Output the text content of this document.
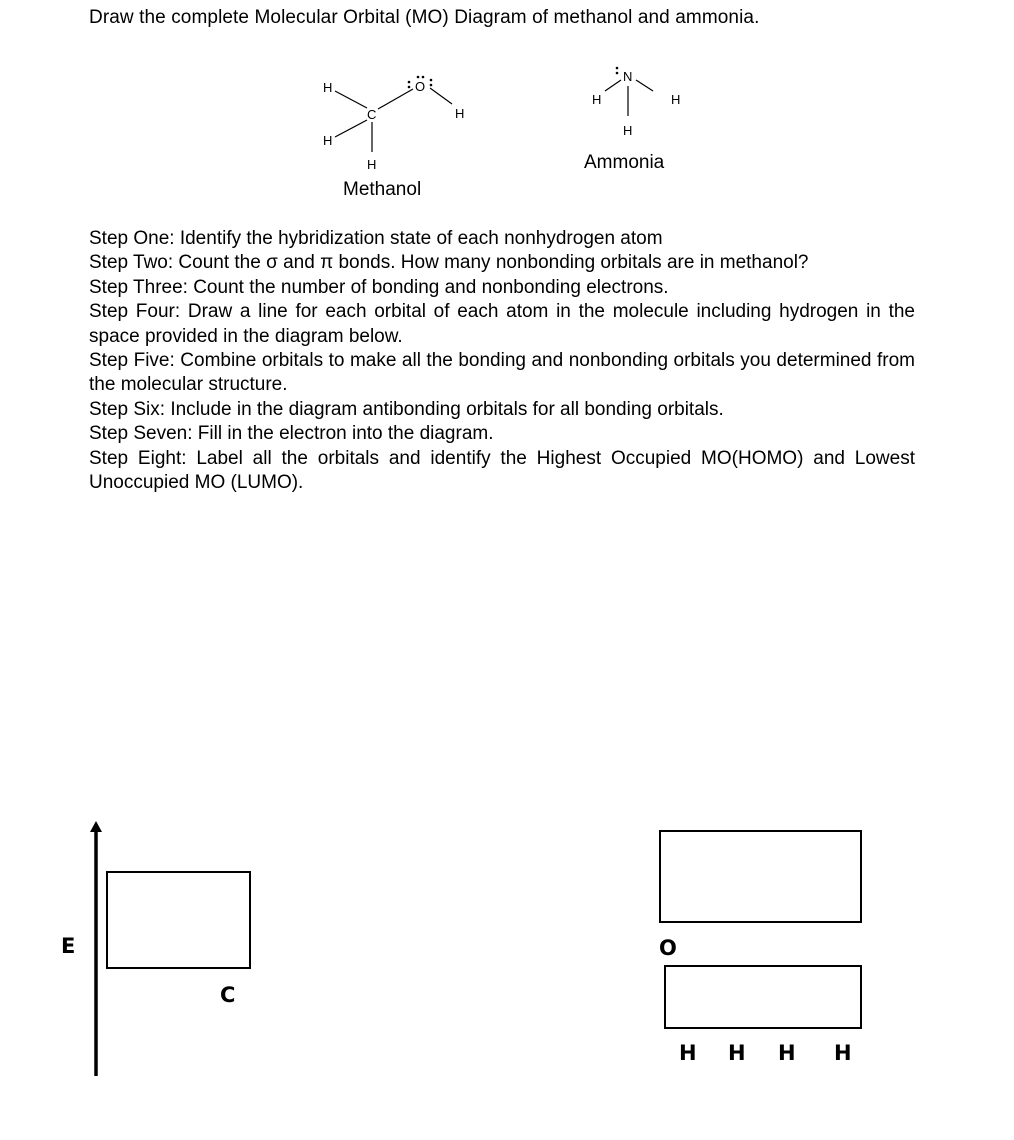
Draw the complete Molecular Orbital (MO) Diagram of methanol and ammonia.
H
H
C
O
H
H
Methanol
N
H	H
H
Ammonia

Step One: Identify the hybridization state of each nonhydrogen atom

Step Two: Count the σ and π bonds. How many nonbonding orbitals are in methanol?

Step Three: Count the number of bonding and nonbonding electrons.

Step Four: Draw a line for each orbital of each atom in the molecule including hydrogen in the space provided in the diagram below.

Step Five: Combine orbitals to make all the bonding and nonbonding orbitals you determined from the molecular structure.

Step Six: Include in the diagram antibonding orbitals for all bonding orbitals.

Step Seven: Fill in the electron into the diagram.

Step Eight: Label all the orbitals and identify the Highest Occupied MO(HOMO) and Lowest Unoccupied MO (LUMO).

E
C
O
H H H H
